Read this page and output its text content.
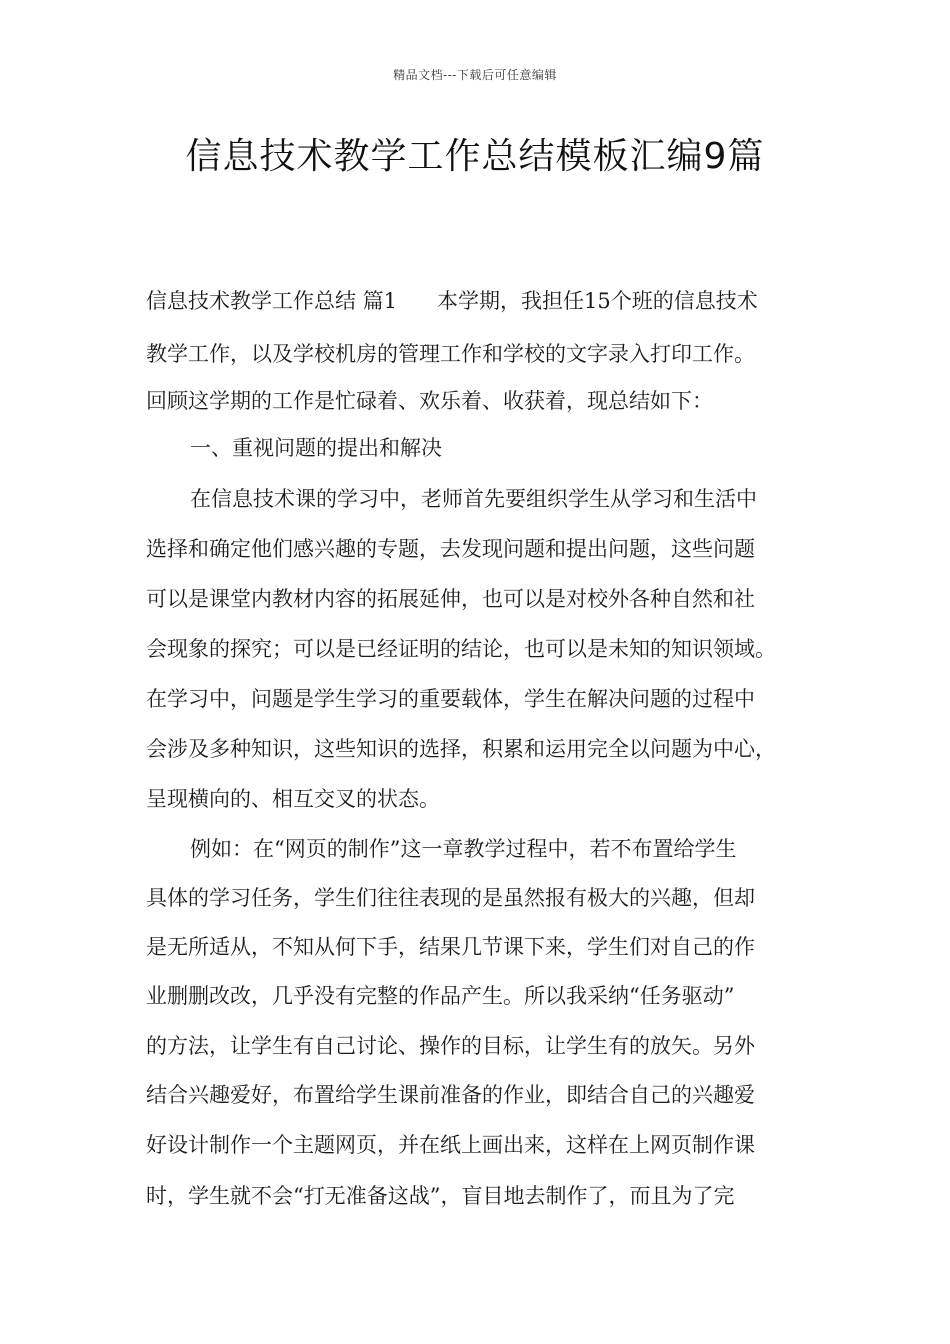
精品文档---下载后可任意编辑
信息技术教学工作总结模板汇编9篇
信息技术教学工作总结 篇1 本学期，我担任15个班的信息技术
教学工作，以及学校机房的管理工作和学校的文字录入打印工作。
回顾这学期的工作是忙碌着、欢乐着、收获着，现总结如下：
一、重视问题的提出和解决
在信息技术课的学习中，老师首先要组织学生从学习和生活中
选择和确定他们感兴趣的专题，去发现问题和提出问题，这些问题
可以是课堂内教材内容的拓展延伸，也可以是对校外各种自然和社
会现象的探究；可以是已经证明的结论，也可以是未知的知识领域。
在学习中，问题是学生学习的重要载体，学生在解决问题的过程中
会涉及多种知识，这些知识的选择，积累和运用完全以问题为中心，
呈现横向的、相互交叉的状态。
例如：在“网页的制作”这一章教学过程中，若不布置给学生
具体的学习任务，学生们往往表现的是虽然报有极大的兴趣，但却
是无所适从，不知从何下手，结果几节课下来，学生们对自己的作
业删删改改，几乎没有完整的作品产生。所以我采纳“任务驱动”
的方法，让学生有自己讨论、操作的目标，让学生有的放矢。另外
结合兴趣爱好，布置给学生课前准备的作业，即结合自己的兴趣爱
好设计制作一个主题网页，并在纸上画出来，这样在上网页制作课
时，学生就不会“打无准备这战”，盲目地去制作了，而且为了完
